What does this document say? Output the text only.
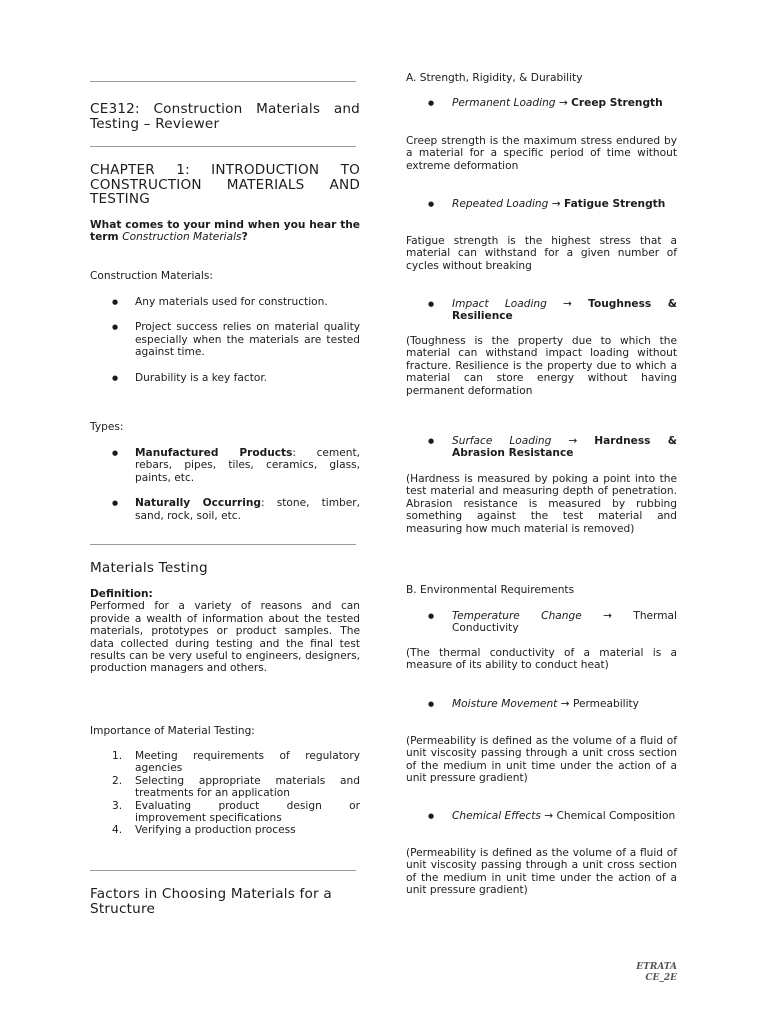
CE312: Construction Materials and Testing – Reviewer
CHAPTER 1: INTRODUCTION TO CONSTRUCTION MATERIALS AND TESTING
What comes to your mind when you hear the term Construction Materials?
Construction Materials:
● Any materials used for construction.
● Project success relies on material quality especially when the materials are tested against time.
● Durability is a key factor.
Types:
● Manufactured Products: cement, rebars, pipes, tiles, ceramics, glass, paints, etc.
● Naturally Occurring: stone, timber, sand, rock, soil, etc.
Materials Testing
Definition:
Performed for a variety of reasons and can provide a wealth of information about the tested materials, prototypes or product samples. The data collected during testing and the final test results can be very useful to engineers, designers, production managers and others.
Importance of Material Testing:
1. Meeting requirements of regulatory agencies
2. Selecting appropriate materials and treatments for an application
3. Evaluating product design or improvement specifications
4. Verifying a production process
Factors in Choosing Materials for a Structure
A. Strength, Rigidity, & Durability
● Permanent Loading → Creep Strength
Creep strength is the maximum stress endured by a material for a specific period of time without extreme deformation
● Repeated Loading → Fatigue Strength
Fatigue strength is the highest stress that a material can withstand for a given number of cycles without breaking
● Impact Loading → Toughness & Resilience
(Toughness is the property due to which the material can withstand impact loading without fracture. Resilience is the property due to which a material can store energy without having permanent deformation
● Surface Loading → Hardness & Abrasion Resistance
(Hardness is measured by poking a point into the test material and measuring depth of penetration. Abrasion resistance is measured by rubbing something against the test material and measuring how much material is removed)
B. Environmental Requirements
● Temperature Change → Thermal Conductivity
(The thermal conductivity of a material is a measure of its ability to conduct heat)
● Moisture Movement → Permeability
(Permeability is defined as the volume of a fluid of unit viscosity passing through a unit cross section of the medium in unit time under the action of a unit pressure gradient)
● Chemical Effects → Chemical Composition
(Permeability is defined as the volume of a fluid of unit viscosity passing through a unit cross section of the medium in unit time under the action of a unit pressure gradient)
ETRATA
CE_2E
